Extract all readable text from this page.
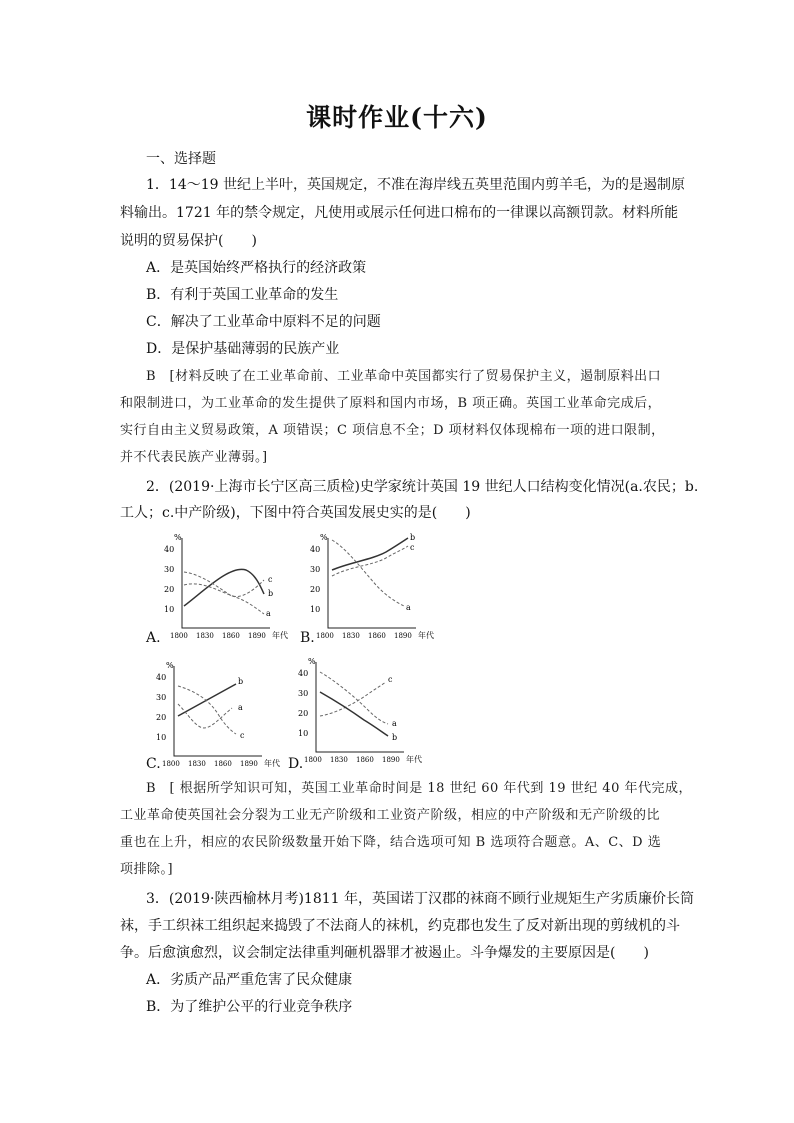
课时作业(十六)
一、选择题
1．14～19 世纪上半叶，英国规定，不准在海岸线五英里范围内剪羊毛，为的是遏制原
料输出。1721 年的禁令规定，凡使用或展示任何进口棉布的一律课以高额罚款。材料所能
说明的贸易保护(　　)
A．是英国始终严格执行的经济政策
B．有利于英国工业革命的发生
C．解决了工业革命中原料不足的问题
D．是保护基础薄弱的民族产业
B　[材料反映了在工业革命前、工业革命中英国都实行了贸易保护主义，遏制原料出口
和限制进口，为工业革命的发生提供了原料和国内市场，B 项正确。英国工业革命完成后，
实行自由主义贸易政策，A 项错误；C 项信息不全；D 项材料仅体现棉布一项的进口限制，
并不代表民族产业薄弱。]
2．(2019·上海市长宁区高三质检)史学家统计英国 19 世纪人口结构变化情况(a.农民；b.
工人；c.中产阶级)，下图中符合英国发展史实的是(　　)
A.
%
10
20
30
40
1800 1830 1860 1890 年代
c
b
a
B.
%
10
20
30
40
1800 1830 1860 1890 年代
b
c
a
C.
%
10
20
30
40
1800 1830 1860 1890 年代
b
a
c
D.
%
10
20
30
40
1800 1830 1860 1890 年代
c
a
b
B　[ 根据所学知识可知，英国工业革命时间是 18 世纪 60 年代到 19 世纪 40 年代完成，
工业革命使英国社会分裂为工业无产阶级和工业资产阶级，相应的中产阶级和无产阶级的比
重也在上升，相应的农民阶级数量开始下降，结合选项可知 B 选项符合题意。A、C、D 选
项排除。]
3．(2019·陕西榆林月考)1811 年，英国诺丁汉郡的袜商不顾行业规矩生产劣质廉价长筒
袜，手工织袜工组织起来捣毁了不法商人的袜机，约克郡也发生了反对新出现的剪绒机的斗
争。后愈演愈烈，议会制定法律重判砸机器罪才被遏止。斗争爆发的主要原因是(　　)
A．劣质产品严重危害了民众健康
B．为了维护公平的行业竞争秩序
